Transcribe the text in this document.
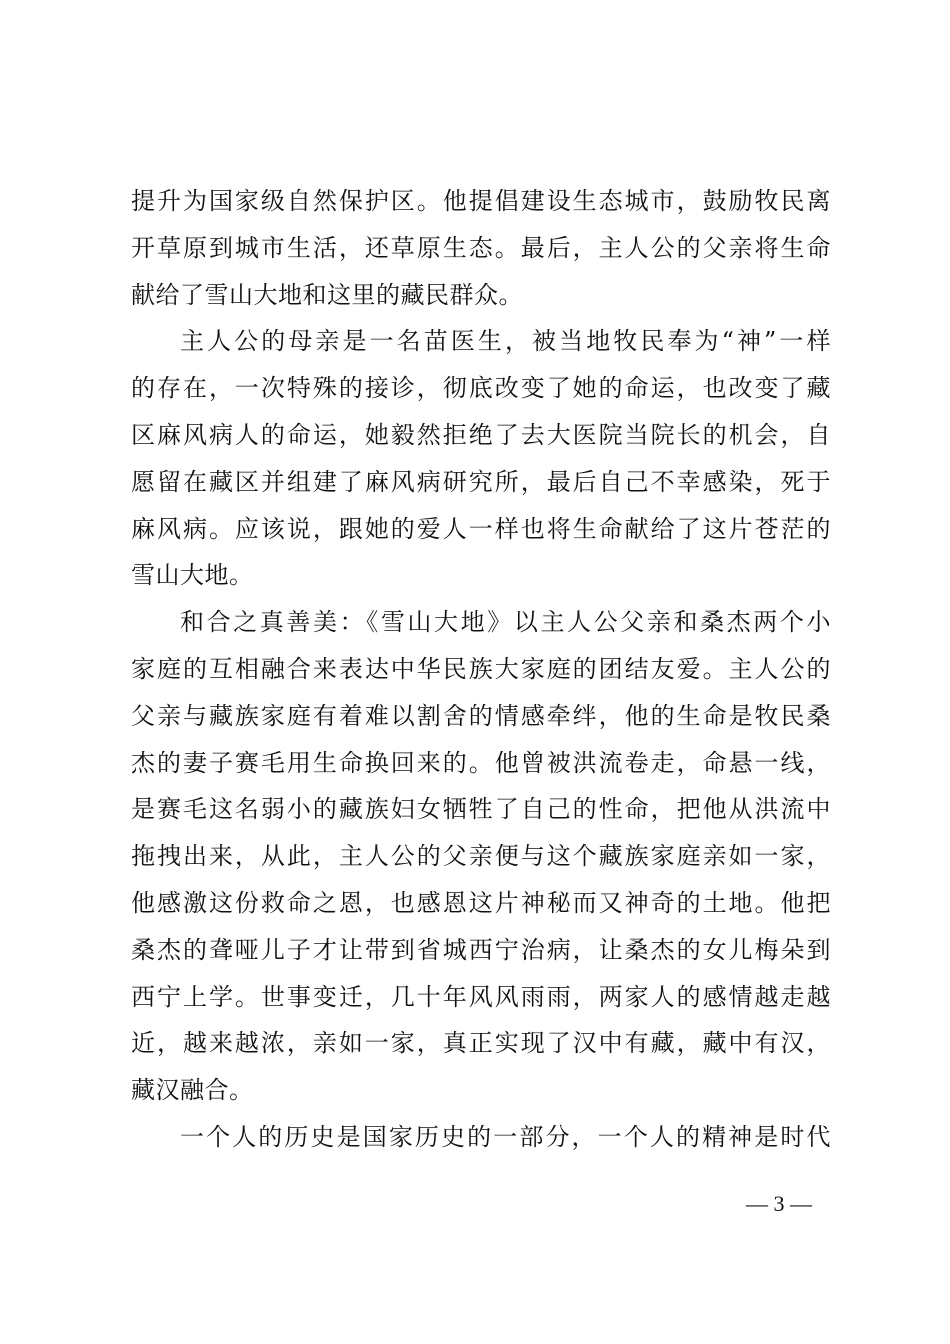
提升为国家级自然保护区。他提倡建设生态城市，鼓励牧民离
开草原到城市生活，还草原生态。最后，主人公的父亲将生命
献给了雪山大地和这里的藏民群众。
主人公的母亲是一名苗医生，被当地牧民奉为“神”一样
的存在，一次特殊的接诊，彻底改变了她的命运，也改变了藏
区麻风病人的命运，她毅然拒绝了去大医院当院长的机会，自
愿留在藏区并组建了麻风病研究所，最后自己不幸感染，死于
麻风病。应该说，跟她的爱人一样也将生命献给了这片苍茫的
雪山大地。
和合之真善美：《雪山大地》以主人公父亲和桑杰两个小
家庭的互相融合来表达中华民族大家庭的团结友爱。主人公的
父亲与藏族家庭有着难以割舍的情感牵绊，他的生命是牧民桑
杰的妻子赛毛用生命换回来的。他曾被洪流卷走，命悬一线，
是赛毛这名弱小的藏族妇女牺牲了自己的性命，把他从洪流中
拖拽出来，从此，主人公的父亲便与这个藏族家庭亲如一家，
他感激这份救命之恩，也感恩这片神秘而又神奇的土地。他把
桑杰的聋哑儿子才让带到省城西宁治病，让桑杰的女儿梅朵到
西宁上学。世事变迁，几十年风风雨雨，两家人的感情越走越
近，越来越浓，亲如一家，真正实现了汉中有藏，藏中有汉，
藏汉融合。
一个人的历史是国家历史的一部分，一个人的精神是时代
— 3 —
